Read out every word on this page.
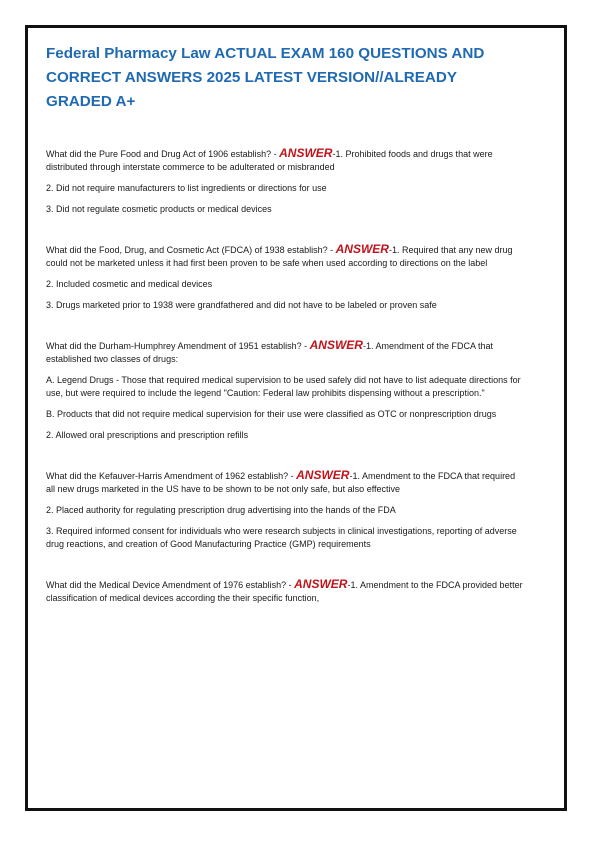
Federal Pharmacy Law ACTUAL EXAM 160 QUESTIONS AND CORRECT ANSWERS 2025 LATEST VERSION//ALREADY GRADED A+

What did the Pure Food and Drug Act of 1906 establish? - ANSWER-1. Prohibited foods and drugs that were distributed through interstate commerce to be adulterated or misbranded

2. Did not require manufacturers to list ingredients or directions for use

3. Did not regulate cosmetic products or medical devices

What did the Food, Drug, and Cosmetic Act (FDCA) of 1938 establish? - ANSWER-1. Required that any new drug could not be marketed unless it had first been proven to be safe when used according to directions on the label

2. Included cosmetic and medical devices

3. Drugs marketed prior to 1938 were grandfathered and did not have to be labeled or proven safe

What did the Durham-Humphrey Amendment of 1951 establish? - ANSWER-1. Amendment of the FDCA that established two classes of drugs:

A. Legend Drugs - Those that required medical supervision to be used safely did not have to list adequate directions for use, but were required to include the legend "Caution: Federal law prohibits dispensing without a prescription."

B. Products that did not require medical supervision for their use were classified as OTC or nonprescription drugs

2. Allowed oral prescriptions and prescription refills

What did the Kefauver-Harris Amendment of 1962 establish? - ANSWER-1. Amendment to the FDCA that required all new drugs marketed in the US have to be shown to be not only safe, but also effective

2. Placed authority for regulating prescription drug advertising into the hands of the FDA

3. Required informed consent for individuals who were research subjects in clinical investigations, reporting of adverse drug reactions, and creation of Good Manufacturing Practice (GMP) requirements

What did the Medical Device Amendment of 1976 establish? - ANSWER-1. Amendment to the FDCA provided better classification of medical devices according the their specific function,
